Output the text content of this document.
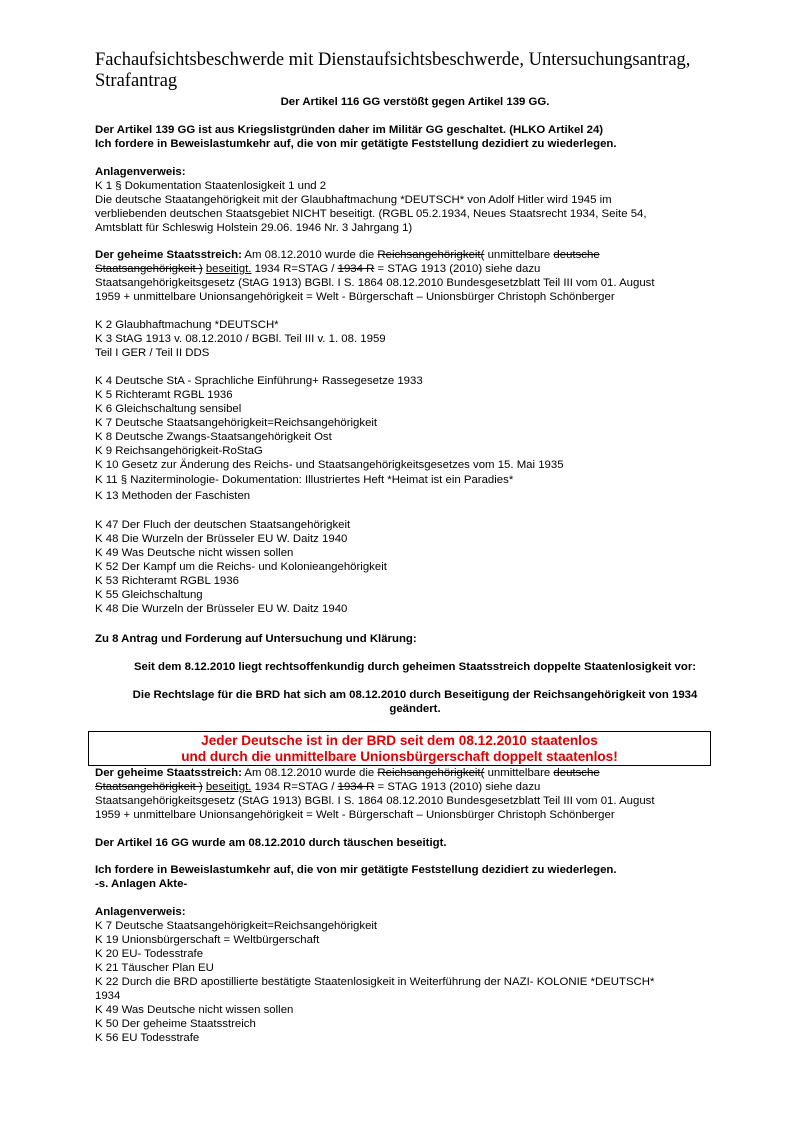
Fachaufsichtsbeschwerde mit Dienstaufsichtsbeschwerde, Untersuchungsantrag,
Strafantrag
Der Artikel 116 GG verstößt gegen Artikel 139 GG.
Der Artikel 139 GG ist aus Kriegslistgründen daher im Militär GG geschaltet. (HLKO Artikel 24)
Ich fordere in Beweislastumkehr auf, die von mir getätigte Feststellung dezidiert zu wiederlegen.
Anlagenverweis:
K 1 § Dokumentation Staatenlosigkeit 1 und 2
Die deutsche Staatangehörigkeit mit der Glaubhaftmachung *DEUTSCH* von Adolf Hitler wird 1945 im
verbliebenden deutschen Staatsgebiet NICHT beseitigt. (RGBL 05.2.1934, Neues Staatsrecht 1934, Seite 54,
Amtsblatt für Schleswig Holstein 29.06. 1946 Nr. 3 Jahrgang 1)
Der geheime Staatsstreich: Am 08.12.2010 wurde die Reichsangehörigkeit( unmittelbare deutsche
Staatsangehörigkeit ) beseitigt. 1934 R=STAG / 1934 R = STAG 1913 (2010) siehe dazu
Staatsangehörigkeitsgesetz (StAG 1913) BGBl. I S. 1864 08.12.2010 Bundesgesetzblatt Teil III vom 01. August
1959 + unmittelbare Unionsangehörigkeit = Welt - Bürgerschaft – Unionsbürger Christoph Schönberger
K 2 Glaubhaftmachung *DEUTSCH*
K 3 StAG 1913 v. 08.12.2010 / BGBl. Teil III v. 1. 08. 1959
Teil I GER / Teil II DDS
K 4 Deutsche StA - Sprachliche Einführung+ Rassegesetze 1933
K 5 Richteramt RGBL 1936
K 6 Gleichschaltung sensibel
K 7 Deutsche Staatsangehörigkeit=Reichsangehörigkeit
K 8 Deutsche Zwangs-Staatsangehörigkeit Ost
K 9 Reichsangehörigkeit-RoStaG
K 10 Gesetz zur Änderung des Reichs- und Staatsangehörigkeitsgesetzes vom 15. Mai 1935
K 11 § Naziterminologie- Dokumentation: Illustriertes Heft *Heimat ist ein Paradies*
K 13 Methoden der Faschisten
K 47 Der Fluch der deutschen Staatsangehörigkeit
K 48 Die Wurzeln der Brüsseler EU W. Daitz 1940
K 49 Was Deutsche nicht wissen sollen
K 52 Der Kampf um die Reichs- und Kolonieangehörigkeit
K 53 Richteramt RGBL 1936
K 55 Gleichschaltung
K 48 Die Wurzeln der Brüsseler EU W. Daitz 1940
Zu 8 Antrag und Forderung auf Untersuchung und Klärung:
Seit dem 8.12.2010 liegt rechtsoffenkundig durch geheimen Staatsstreich doppelte Staatenlosigkeit vor:
Die Rechtslage für die BRD hat sich am 08.12.2010 durch Beseitigung der Reichsangehörigkeit von 1934
geändert.
Der geheime Staatsstreich: Am 08.12.2010 wurde die Reichsangehörigkeit( unmittelbare deutsche
Staatsangehörigkeit ) beseitigt. 1934 R=STAG / 1934 R = STAG 1913 (2010) siehe dazu
Staatsangehörigkeitsgesetz (StAG 1913) BGBl. I S. 1864 08.12.2010 Bundesgesetzblatt Teil III vom 01. August
1959 + unmittelbare Unionsangehörigkeit = Welt - Bürgerschaft – Unionsbürger Christoph Schönberger
Der Artikel 16 GG wurde am 08.12.2010 durch täuschen beseitigt.
Ich fordere in Beweislastumkehr auf, die von mir getätigte Feststellung dezidiert zu wiederlegen.
-s. Anlagen Akte-
Anlagenverweis:
K 7 Deutsche Staatsangehörigkeit=Reichsangehörigkeit
K 19 Unionsbürgerschaft = Weltbürgerschaft
K 20 EU- Todesstrafe
K 21 Täuscher Plan EU
K 22 Durch die BRD apostillierte bestätigte Staatenlosigkeit in Weiterführung der NAZI- KOLONIE *DEUTSCH*
1934
K 49 Was Deutsche nicht wissen sollen
K 50 Der geheime Staatsstreich
K 56 EU Todesstrafe
Jeder Deutsche ist in der BRD seit dem 08.12.2010 staatenlos
und durch die unmittelbare Unionsbürgerschaft doppelt staatenlos!
